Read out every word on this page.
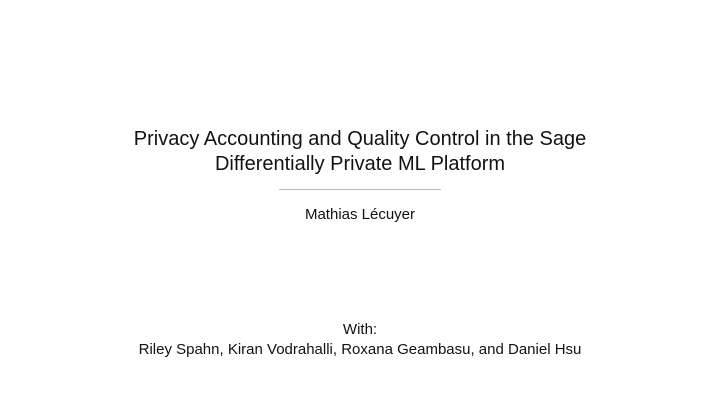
Privacy Accounting and Quality Control in the Sage
Differentially Private ML Platform
Mathias Lécuyer
With:
Riley Spahn, Kiran Vodrahalli, Roxana Geambasu, and Daniel Hsu
